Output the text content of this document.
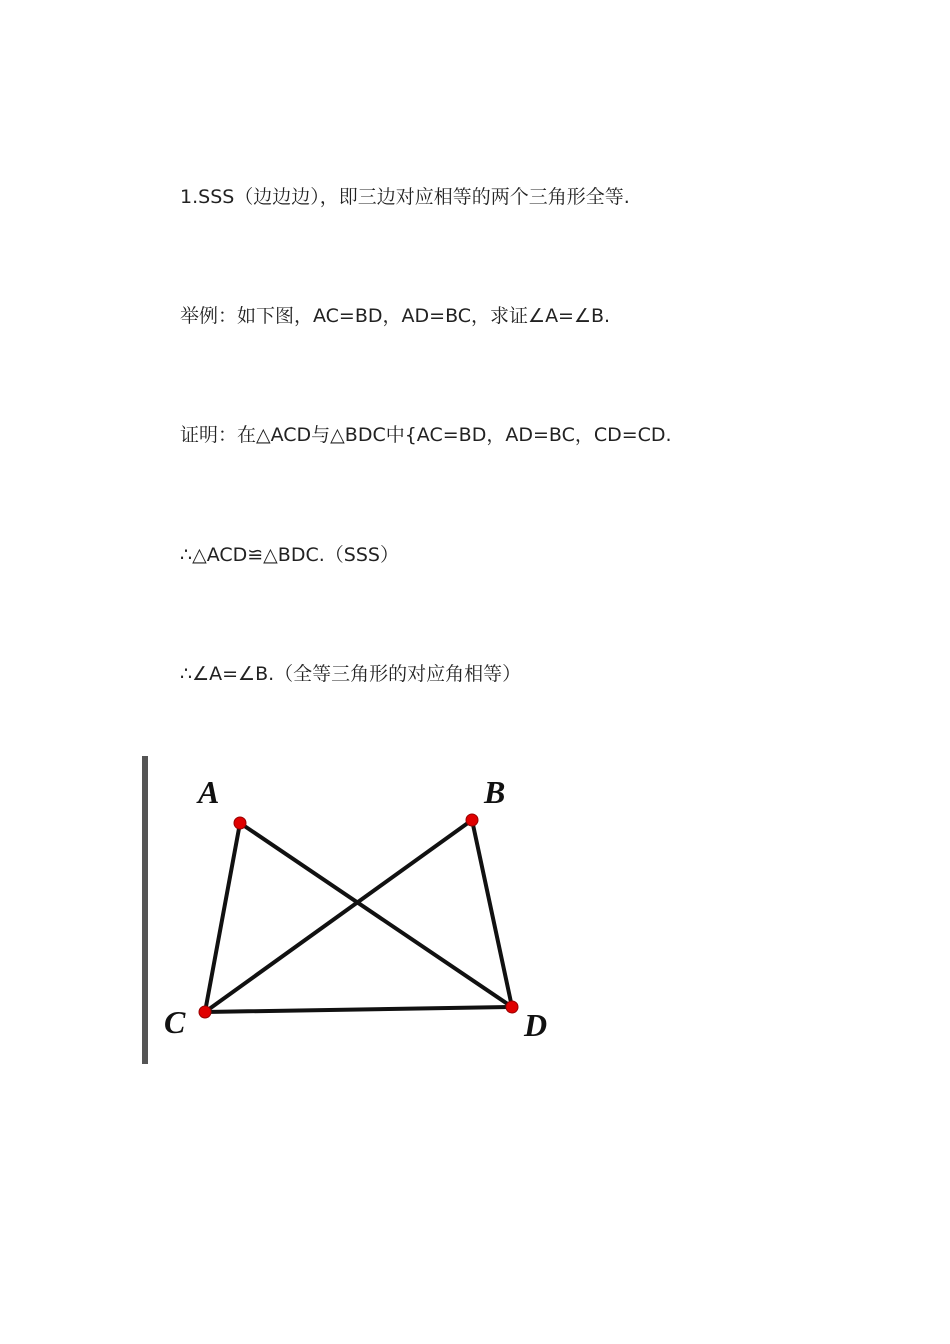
1.SSS（边边边），即三边对应相等的两个三角形全等.
举例：如下图，AC=BD，AD=BC，求证∠A=∠B.
证明：在△ACD与△BDC中{AC=BD，AD=BC，CD=CD.
∴△ACD≌△BDC.（SSS）
∴∠A=∠B.（全等三角形的对应角相等）
A	B
C	D
